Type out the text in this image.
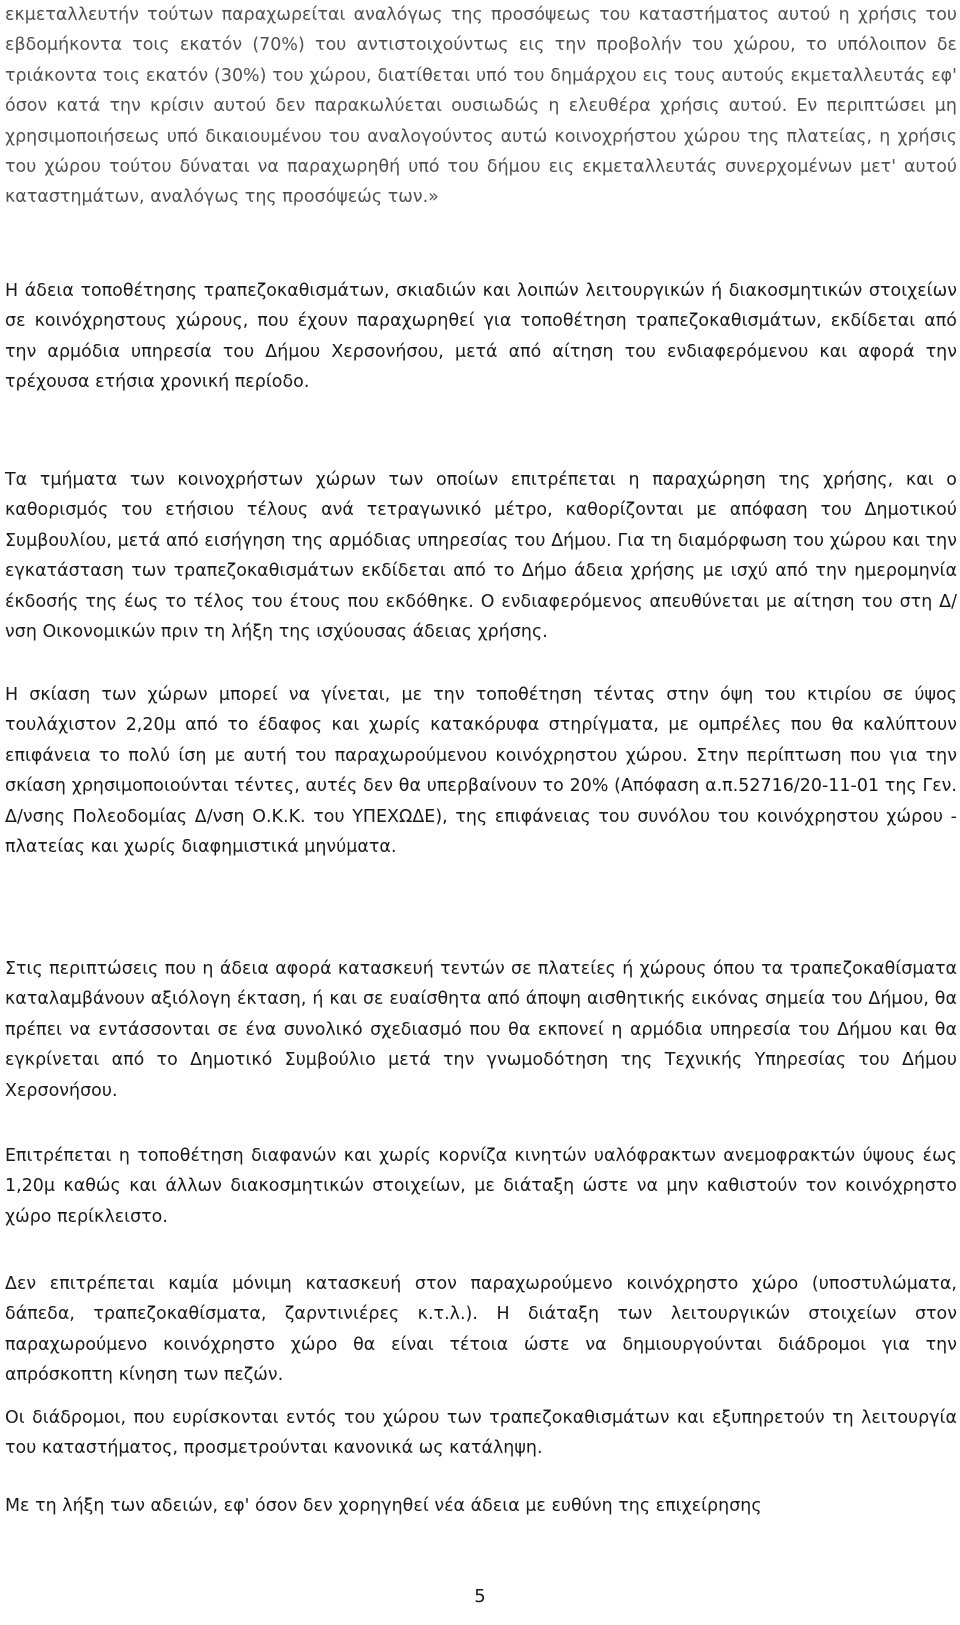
εκμεταλλευτήν τούτων παραχωρείται αναλόγως της προσόψεως του καταστήματος αυτού η χρήσις του εβδομήκοντα τοις εκατόν (70%) του αντιστοιχούντως εις την προβολήν του χώρου, το υπόλοιπον δε τριάκοντα τοις εκατόν (30%) του χώρου, διατίθεται υπό του δημάρχου εις τους αυτούς εκμεταλλευτάς εφ' όσον κατά την κρίσιν αυτού δεν παρακωλύεται ουσιωδώς η ελευθέρα χρήσις αυτού. Εν περιπτώσει μη χρησιμοποιήσεως υπό δικαιουμένου του αναλογούντος αυτώ κοινοχρήστου χώρου της πλατείας, η χρήσις του χώρου τούτου δύναται να παραχωρηθή υπό του δήμου εις εκμεταλλευτάς συνερχομένων μετ' αυτού καταστημάτων, αναλόγως της προσόψεώς των.»

Η άδεια τοποθέτησης τραπεζοκαθισμάτων, σκιαδιών και λοιπών λειτουργικών ή διακοσμητικών στοιχείων σε κοινόχρηστους χώρους, που έχουν παραχωρηθεί για τοποθέτηση τραπεζοκαθισμάτων, εκδίδεται από την αρμόδια υπηρεσία του Δήμου Χερσονήσου, μετά από αίτηση του ενδιαφερόμενου και αφορά την τρέχουσα ετήσια χρονική περίοδο.

Τα τμήματα των κοινοχρήστων χώρων των οποίων επιτρέπεται η παραχώρηση της χρήσης, και ο καθορισμός του ετήσιου τέλους ανά τετραγωνικό μέτρο, καθορίζονται με απόφαση του Δημοτικού Συμβουλίου, μετά από εισήγηση της αρμόδιας υπηρεσίας του Δήμου. Για τη διαμόρφωση του χώρου και την εγκατάσταση των τραπεζοκαθισμάτων εκδίδεται από το Δήμο άδεια χρήσης με ισχύ από την ημερομηνία έκδοσής της έως το τέλος του έτους που εκδόθηκε. Ο ενδιαφερόμενος απευθύνεται με αίτηση του στη Δ/νση Οικονομικών πριν τη λήξη της ισχύουσας άδειας χρήσης.

Η σκίαση των χώρων μπορεί να γίνεται, με την τοποθέτηση τέντας στην όψη του κτιρίου σε ύψος τουλάχιστον 2,20μ από το έδαφος και χωρίς κατακόρυφα στηρίγματα, με ομπρέλες που θα καλύπτουν επιφάνεια το πολύ ίση με αυτή του παραχωρούμενου κοινόχρηστου χώρου. Στην περίπτωση που για την σκίαση χρησιμοποιούνται τέντες, αυτές δεν θα υπερβαίνουν το 20% (Απόφαση α.π.52716/20-11-01 της Γεν. Δ/νσης Πολεοδομίας Δ/νση Ο.Κ.Κ. του ΥΠΕΧΩΔΕ), της επιφάνειας του συνόλου του κοινόχρηστου χώρου - πλατείας και χωρίς διαφημιστικά μηνύματα.

Στις περιπτώσεις που η άδεια αφορά κατασκευή τεντών σε πλατείες ή χώρους όπου τα τραπεζοκαθίσματα καταλαμβάνουν αξιόλογη έκταση, ή και σε ευαίσθητα από άποψη αισθητικής εικόνας σημεία του Δήμου, θα πρέπει να εντάσσονται σε ένα συνολικό σχεδιασμό που θα εκπονεί η αρμόδια υπηρεσία του Δήμου και θα εγκρίνεται από το Δημοτικό Συμβούλιο μετά την γνωμοδότηση της Τεχνικής Υπηρεσίας του Δήμου Χερσονήσου.

Επιτρέπεται η τοποθέτηση διαφανών και χωρίς κορνίζα κινητών υαλόφρακτων ανεμοφρακτών ύψους έως 1,20μ καθώς και άλλων διακοσμητικών στοιχείων, με διάταξη ώστε να μην καθιστούν τον κοινόχρηστο χώρο περίκλειστο.

Δεν επιτρέπεται καμία μόνιμη κατασκευή στον παραχωρούμενο κοινόχρηστο χώρο (υποστυλώματα, δάπεδα, τραπεζοκαθίσματα, ζαρντινιέρες κ.τ.λ.). Η διάταξη των λειτουργικών στοιχείων στον παραχωρούμενο κοινόχρηστο χώρο θα είναι τέτοια ώστε να δημιουργούνται διάδρομοι για την απρόσκοπτη κίνηση των πεζών.

Οι διάδρομοι, που ευρίσκονται εντός του χώρου των τραπεζοκαθισμάτων και εξυπηρετούν τη λειτουργία του καταστήματος, προσμετρούνται κανονικά ως κατάληψη.

Με τη λήξη των αδειών, εφ' όσον δεν χορηγηθεί νέα άδεια με ευθύνη της επιχείρησης

5
